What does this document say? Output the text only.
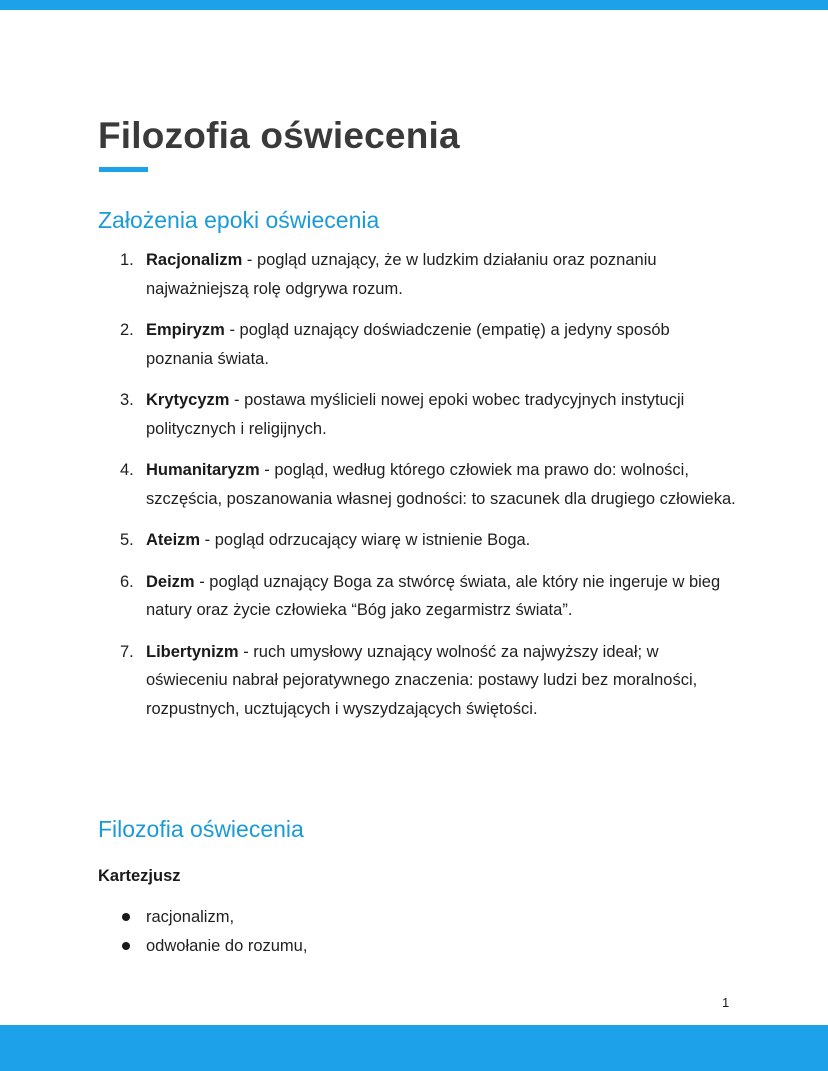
Filozofia oświecenia
Założenia epoki oświecenia
1. Racjonalizm - pogląd uznający, że w ludzkim działaniu oraz poznaniu najważniejszą rolę odgrywa rozum.
2. Empiryzm - pogląd uznający doświadczenie (empatię) a jedyny sposób poznania świata.
3. Krytycyzm - postawa myślicieli nowej epoki wobec tradycyjnych instytucji politycznych i religijnych.
4. Humanitaryzm - pogląd, według którego człowiek ma prawo do: wolności, szczęścia, poszanowania własnej godności: to szacunek dla drugiego człowieka.
5. Ateizm - pogląd odrzucający wiarę w istnienie Boga.
6. Deizm - pogląd uznający Boga za stwórcę świata, ale który nie ingeruje w bieg natury oraz życie człowieka “Bóg jako zegarmistrz świata”.
7. Libertynizm - ruch umysłowy uznający wolność za najwyższy ideał; w oświeceniu nabrał pejoratywnego znaczenia: postawy ludzi bez moralności, rozpustnych, ucztujących i wyszydzających świętości.
Filozofia oświecenia
Kartezjusz
racjonalizm,
odwołanie do rozumu,
1
